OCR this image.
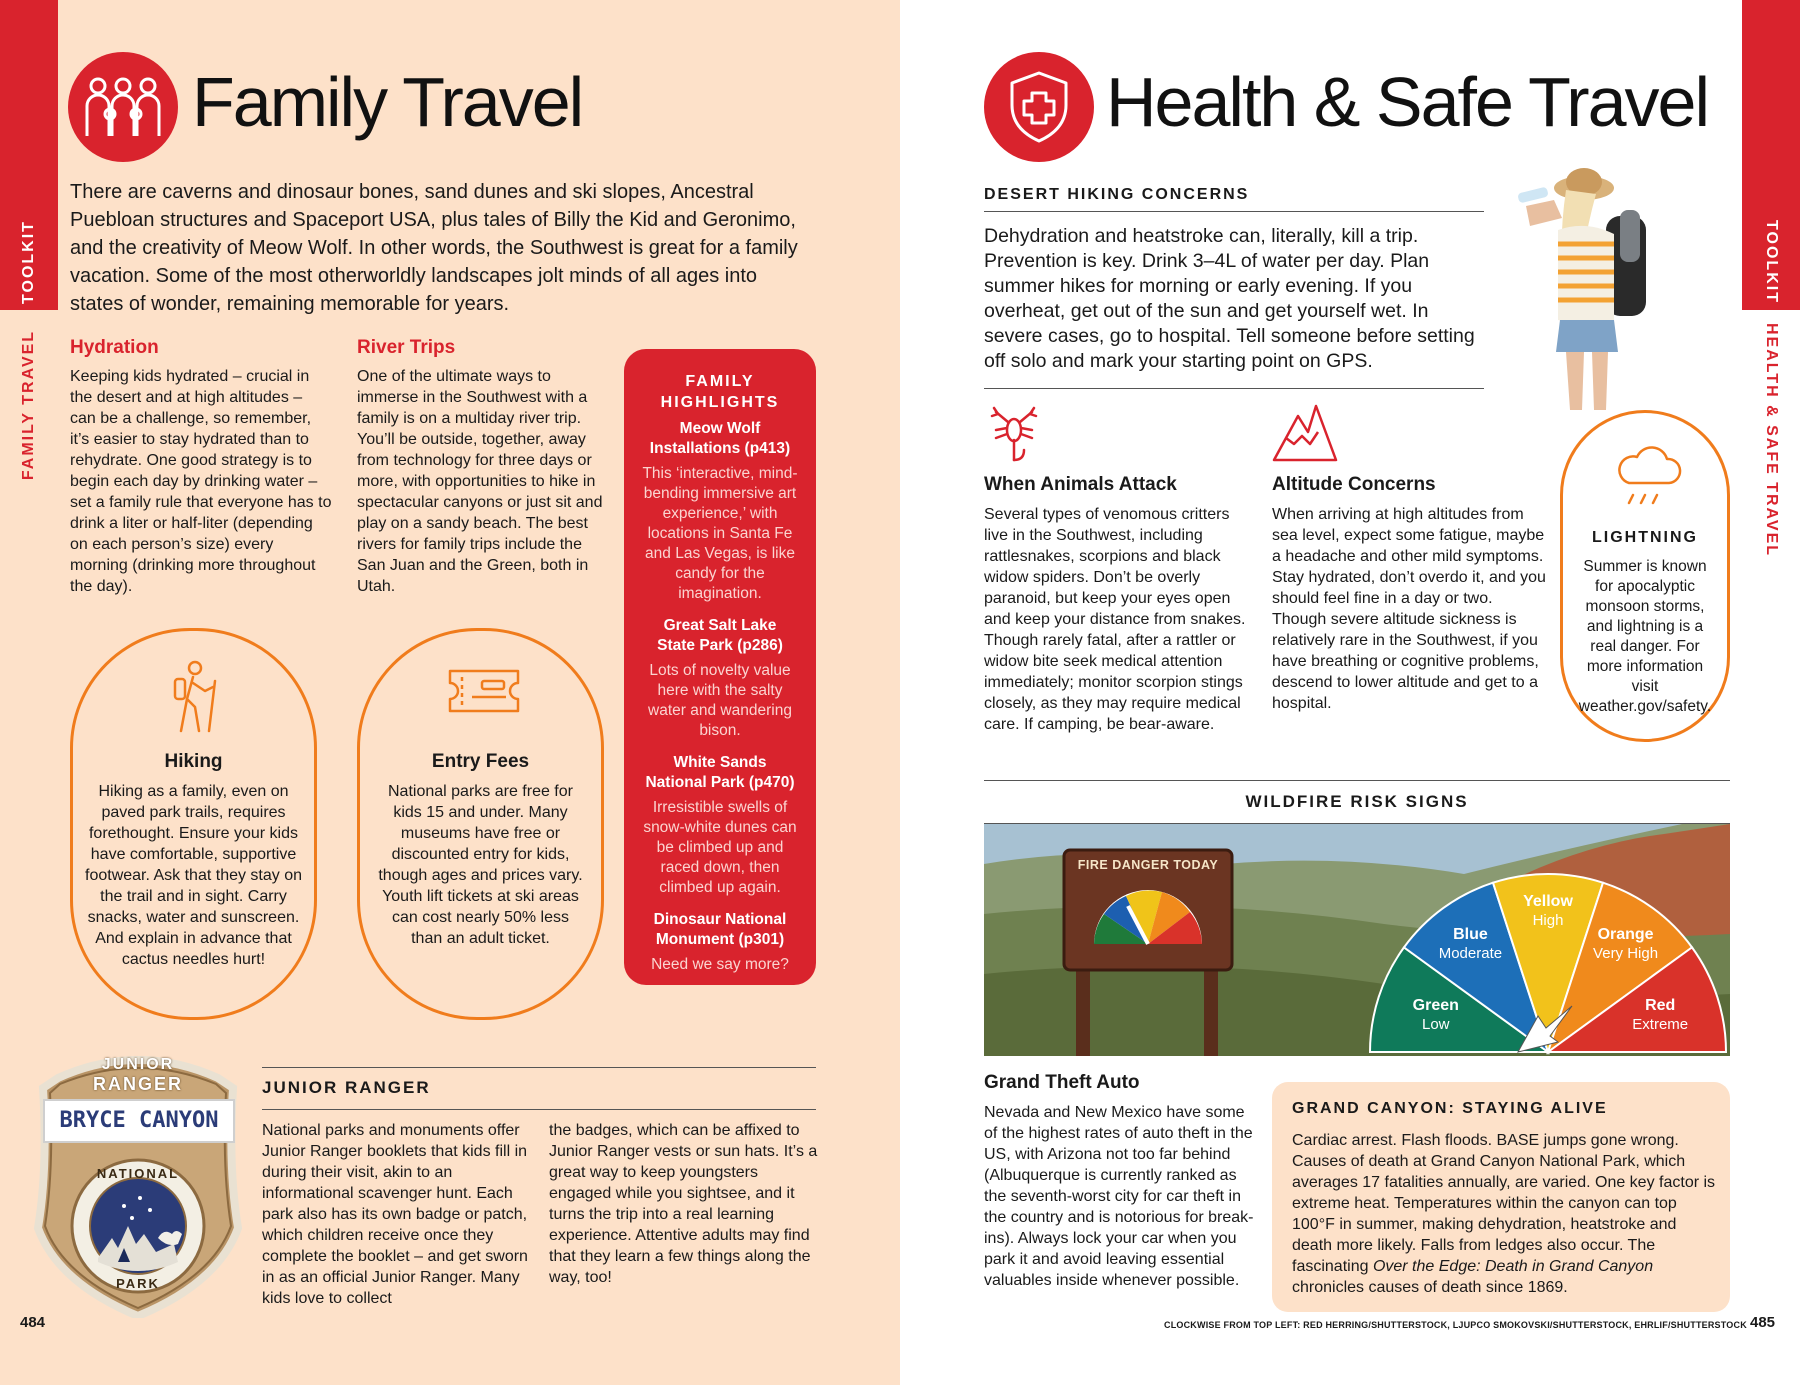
TOOLKIT
FAMILY TRAVEL
Family Travel

There are caverns and dinosaur bones, sand dunes and ski slopes, Ancestral Puebloan structures and Spaceport USA, plus tales of Billy the Kid and Geronimo, and the creativity of Meow Wolf. In other words, the Southwest is great for a family vacation. Some of the most otherworldly landscapes jolt minds of all ages into states of wonder, remaining memorable for years.

Hydration

Keeping kids hydrated – crucial in the desert and at high altitudes – can be a challenge, so remember, it’s easier to stay hydrated than to rehydrate. One good strategy is to begin each day by drinking water – set a family rule that everyone has to drink a liter or half-liter (depending on each person’s size) every morning (drinking more throughout the day).

River Trips

One of the ultimate ways to immerse in the Southwest with a family is on a multiday river trip. You’ll be outside, together, away from technology for three days or more, with opportunities to hike in spectacular canyons or just sit and play on a sandy beach. The best rivers for family trips include the San Juan and the Green, both in Utah.

FAMILY HIGHLIGHTS
Meow Wolf Installations (p413)
This ‘interactive, mind-bending immersive art experience,’ with locations in Santa Fe and Las Vegas, is like candy for the imagination.
Great Salt Lake State Park (p286)
Lots of novelty value here with the salty water and wandering bison.
White Sands National Park (p470)
Irresistible swells of snow-white dunes can be climbed up and raced down, then climbed up again.
Dinosaur National Monument (p301)
Need we say more?
Hiking

Hiking as a family, even on paved park trails, requires forethought. Ensure your kids have comfortable, supportive footwear. Ask that they stay on the trail and in sight. Carry snacks, water and sunscreen. And explain in advance that cactus needles hurt!

Entry Fees

National parks are free for kids 15 and under. Many museums have free or discounted entry for kids, though ages and prices vary. Youth lift tickets at ski areas can cost nearly 50% less than an adult ticket.

JUNIOR
RANGER
BRYCE CANYON
NATIONAL
PARK
JUNIOR RANGER

National parks and monuments offer Junior Ranger booklets that kids fill in during their visit, akin to an informational scavenger hunt. Each park also has its own badge or patch, which children receive once they complete the booklet – and get sworn in as an official Junior Ranger. Many kids love to collect

the badges, which can be affixed to Junior Ranger vests or sun hats. It’s a great way to keep youngsters engaged while you sightsee, and it turns the trip into a real learning experience. Attentive adults may find that they learn a few things along the way, too!

484
TOOLKIT
HEALTH & SAFE TRAVEL
Health & Safe Travel
DESERT HIKING CONCERNS

Dehydration and heatstroke can, literally, kill a trip. Prevention is key. Drink 3–4L of water per day. Plan summer hikes for morning or early evening. If you overheat, get out of the sun and get yourself wet. In severe cases, go to hospital. Tell someone before setting off solo and mark your starting point on GPS.

LIGHTNING

Summer is known for apocalyptic monsoon storms, and lightning is a real danger. For more information visit weather.gov/safety.

When Animals Attack

Several types of venomous critters live in the Southwest, including rattlesnakes, scorpions and black widow spiders. Don’t be overly paranoid, but keep your eyes open and keep your distance from snakes. Though rarely fatal, after a rattler or widow bite seek medical attention immediately; monitor scorpion stings closely, as they may require medical care. If camping, be bear-aware.

Altitude Concerns

When arriving at high altitudes from sea level, expect some fatigue, maybe a headache and other mild symptoms. Stay hydrated, don’t overdo it, and you should feel fine in a day or two. Though severe altitude sickness is relatively rare in the Southwest, if you have breathing or cognitive problems, descend to lower altitude and get to a hospital.

WILDFIRE RISK SIGNS
FIRE DANGER TODAY
Green
Low
Blue
Moderate
Yellow
High
Orange
Very High
Red
Extreme
Grand Theft Auto

Nevada and New Mexico have some of the highest rates of auto theft in the US, with Arizona not too far behind (Albuquerque is currently ranked as the seventh-worst city for car theft in the country and is notorious for break-ins). Always lock your car when you park it and avoid leaving essential valuables inside whenever possible.

GRAND CANYON: STAYING ALIVE

Cardiac arrest. Flash floods. BASE jumps gone wrong. Causes of death at Grand Canyon National Park, which averages 17 fatalities annually, are varied. One key factor is extreme heat. Temperatures within the canyon can top 100°F in summer, making dehydration, heatstroke and death more likely. Falls from ledges also occur. The fascinating Over the Edge: Death in Grand Canyon chronicles causes of death since 1869.

CLOCKWISE FROM TOP LEFT: RED HERRING/SHUTTERSTOCK, LJUPCO SMOKOVSKI/SHUTTERSTOCK, EHRLIF/SHUTTERSTOCK 485
